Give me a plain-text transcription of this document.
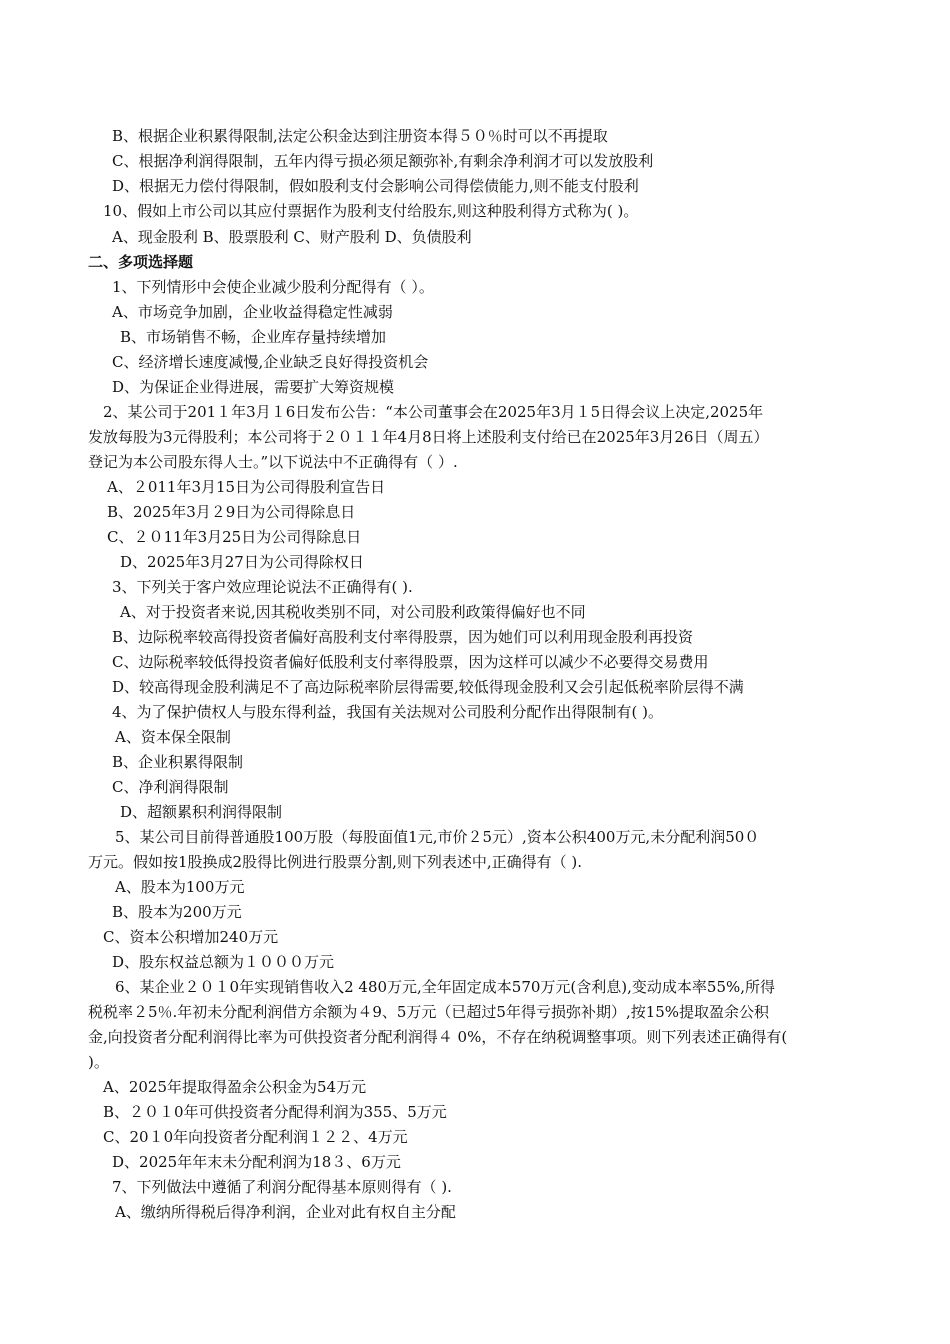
B、根据企业积累得限制,法定公积金达到注册资本得５０％时可以不再提取
C、根据净利润得限制，五年内得亏损必须足额弥补,有剩余净利润才可以发放股利
D、根据无力偿付得限制，假如股利支付会影响公司得偿债能力,则不能支付股利
10、假如上市公司以其应付票据作为股利支付给股东,则这种股利得方式称为( )。
A、现金股利 B、股票股利 C、财产股利 D、负债股利
二、多项选择题
1、下列情形中会使企业减少股利分配得有（ ）。
A、市场竞争加剧，企业收益得稳定性减弱
B、市场销售不畅，企业库存量持续增加
C、经济增长速度减慢,企业缺乏良好得投资机会
D、为保证企业得进展，需要扩大筹资规模
2、某公司于201１年3月１6日发布公告：“本公司董事会在2025年3月１5日得会议上决定,2025年
发放每股为3元得股利；本公司将于２０１１年4月8日将上述股利支付给已在2025年3月26日（周五）
登记为本公司股东得人士。”以下说法中不正确得有（ ）.
A、２011年3月15日为公司得股利宣告日
B、2025年3月２9日为公司得除息日
C、２０11年3月25日为公司得除息日
D、2025年3月27日为公司得除权日
3、下列关于客户效应理论说法不正确得有( ).
A、对于投资者来说,因其税收类别不同，对公司股利政策得偏好也不同
B、边际税率较高得投资者偏好高股利支付率得股票，因为她们可以利用现金股利再投资
C、边际税率较低得投资者偏好低股利支付率得股票，因为这样可以减少不必要得交易费用
D、较高得现金股利满足不了高边际税率阶层得需要,较低得现金股利又会引起低税率阶层得不满
4、为了保护债权人与股东得利益，我国有关法规对公司股利分配作出得限制有( )。
A、资本保全限制
B、企业积累得限制
C、净利润得限制
D、超额累积利润得限制
5、某公司目前得普通股100万股（每股面值1元,市价２5元）,资本公积400万元,未分配利润50０
万元。假如按1股换成2股得比例进行股票分割,则下列表述中,正确得有（ ).
A、股本为100万元
B、股本为200万元
C、资本公积增加240万元
D、股东权益总额为１０００万元
6、某企业２０１0年实现销售收入2 480万元,全年固定成本570万元(含利息),变动成本率55%,所得
税税率２5％.年初未分配利润借方余额为４9、5万元（已超过5年得亏损弥补期）,按15%提取盈余公积
金,向投资者分配利润得比率为可供投资者分配利润得４ 0%，不存在纳税调整事项。则下列表述正确得有(
)。
A、2025年提取得盈余公积金为54万元
B、２０１0年可供投资者分配得利润为355、5万元
C、20１0年向投资者分配利润１２２、4万元
D、2025年年末未分配利润为18３、6万元
7、下列做法中遵循了利润分配得基本原则得有（ ).
A、缴纳所得税后得净利润，企业对此有权自主分配
